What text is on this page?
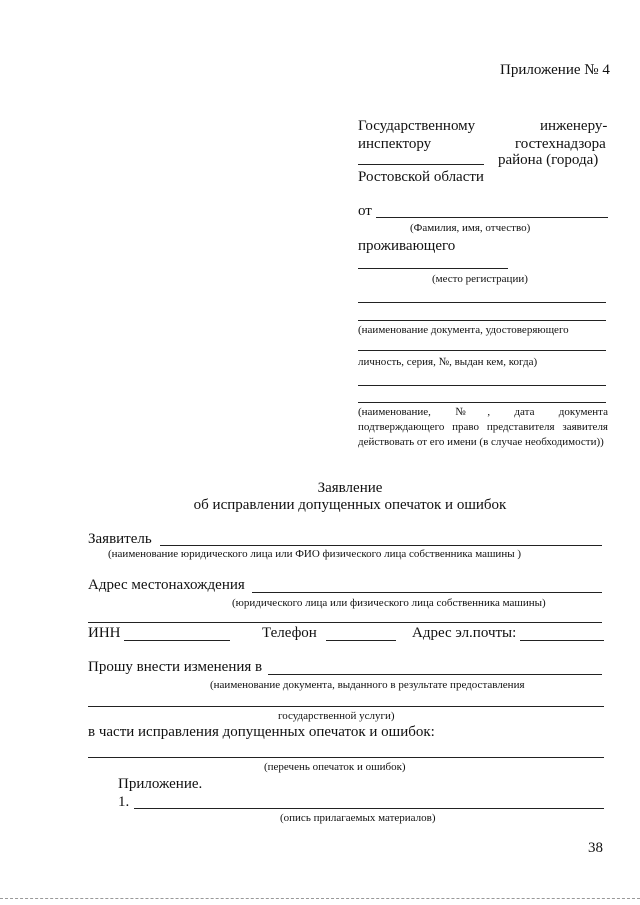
Приложение № 4
Государственному	инженеру-
инспектору	гостехнадзора
района (города)
Ростовской области
от
(Фамилия, имя, отчество)
проживающего
(место регистрации)
(наименование документа, удостоверяющего
личность, серия, №, выдан кем, когда)
(наименование, №, дата документа подтверждающего право представителя заявителя действовать от его имени (в случае необходимости))
Заявление
об исправлении допущенных опечаток и ошибок
Заявитель
(наименование юридического лица или ФИО физического лица собственника машины )
Адрес местонахождения
(юридического лица или физического лица собственника машины)
ИНН	Телефон	Адрес эл.почты:
Прошу внести изменения в
(наименование документа, выданного в результате предоставления
государственной услуги)
в части исправления допущенных опечаток и ошибок:
(перечень опечаток и ошибок)
Приложение.
1.
(опись прилагаемых материалов)
38
